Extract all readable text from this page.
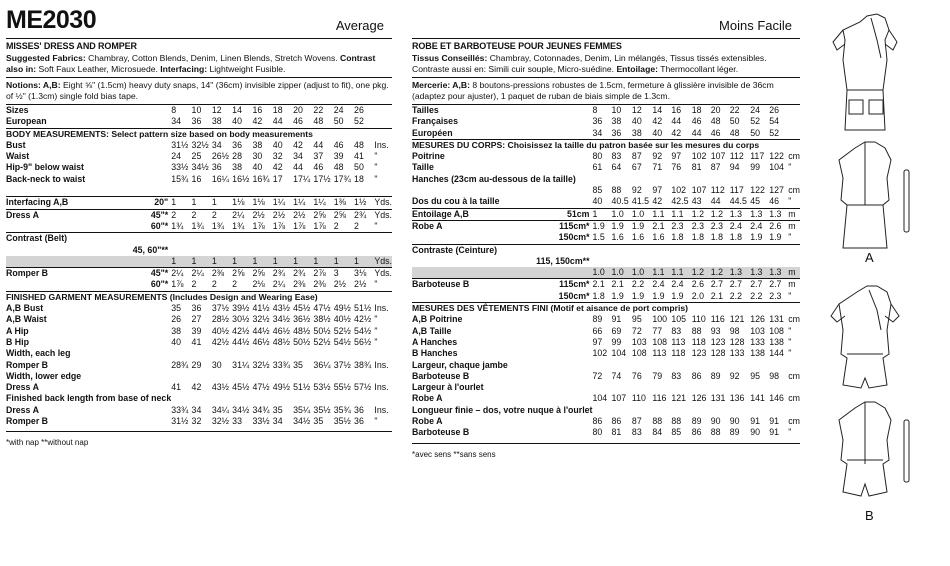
ME2030	Average
MISSES' DRESS AND ROMPER
Suggested Fabrics: Chambray, Cotton Blends, Denim, Linen Blends, Stretch Wovens. Contrast also in: Soft Faux Leather, Microsuede. Interfacing: Lightweight Fusible.
Notions: A,B: Eight ⅝" (1.5cm) heavy duty snaps, 14" (36cm) invisible zipper (adjust to fit), one pkg. of ½" (1.3cm) single fold bias tape.
Sizes		8	10	12	14	16	18	20	22	24	26	
European		34	36	38	40	42	44	46	48	50	52	
BODY MEASUREMENTS: Select pattern size based on body measurements												
Bust		31½	32½	34	36	38	40	42	44	46	48	Ins.
Waist		24	25	26½	28	30	32	34	37	39	41	"
Hip-9" below waist		33½	34½	36	38	40	42	44	46	48	50	"
Back-neck to waist		15¾	16	16¼	16½	16¾	17	17¼	17½	17¾	18	"

Interfacing A,B	20"	1	1	1	1⅛	1⅛	1¼	1¼	1¼	1⅜	1½	Yds.
Dress A	45"*	2	2	2	2¼	2½	2½	2½	2⅝	2⅝	2¾	Yds.
	60"*	1¾	1¾	1¾	1¾	1⅞	1⅞	1⅞	1⅞	2	2	"
Contrast (Belt)												
	45, 60"**											
		1	1	1	1	1	1	1	1	1	1	Yds.
Romper B	45"*	2¼	2¼	2⅜	2⅝	2⅝	2¾	2¾	2⅞	3	3⅛	Yds.
	60"*	1⅞	2	2	2	2⅛	2¼	2⅜	2⅜	2½	2½	"
FINISHED GARMENT MEASUREMENTS (Includes Design and Wearing Ease)												
A,B Bust		35	36	37½	39½	41½	43½	45½	47½	49½	51½	Ins.
A,B Waist		26	27	28½	30½	32½	34½	36½	38½	40½	42½	"
A Hip		38	39	40½	42½	44½	46½	48½	50½	52½	54½	"
B Hip		40	41	42½	44½	46½	48½	50½	52½	54½	56½	"
Width, each leg												
Romper B		28¾	29	30	31¼	32½	33¾	35	36¼	37½	38¾	Ins.
Width, lower edge												
Dress A		41	42	43½	45½	47½	49½	51½	53½	55½	57½	Ins.
Finished back length from base of neck												
Dress A		33¾	34	34¼	34½	34¾	35	35¼	35½	35¾	36	Ins.
Romper B		31½	32	32½	33	33½	34	34½	35	35½	36	"
*with nap **without nap
Moins Facile
ROBE ET BARBOTEUSE POUR JEUNES FEMMES
Tissus Conseillés: Chambray, Cotonnades, Denim, Lin mélangés, Tissus tissés extensibles. Contraste aussi en: Simili cuir souple, Micro-suédine. Entoilage: Thermocollant léger.
Mercerie: A,B: 8 boutons-pressions robustes de 1.5cm, fermeture à glissière invisible de 36cm (adaptez pour ajuster), 1 paquet de ruban de biais simple de 1.3cm.
Tailles		8	10	12	14	16	18	20	22	24	26	
Françaises		36	38	40	42	44	46	48	50	52	54	
Européen		34	36	38	40	42	44	46	48	50	52	
MESURES DU CORPS: Choisissez la taille du patron basée sur les mesures du corps												
Poitrine		80	83	87	92	97	102	107	112	117	122	cm
Taille		61	64	67	71	76	81	87	94	99	104	"
Hanches (23cm au-dessous de la taille)												
		85	88	92	97	102	107	112	117	122	127	cm
Dos du cou à la taille		40	40.5	41.5	42	42.5	43	44	44.5	45	46	"
Entoilage A,B	51cm	1	1.0	1.0	1.1	1.1	1.2	1.2	1.3	1.3	1.3	m
Robe A	115cm*	1.9	1.9	1.9	2.1	2.3	2.3	2.3	2.4	2.4	2.6	m
	150cm*	1.5	1.6	1.6	1.6	1.8	1.8	1.8	1.8	1.9	1.9	"
Contraste (Ceinture)												
	115, 150cm**											
		1.0	1.0	1.0	1.1	1.1	1.2	1.2	1.3	1.3	1.3	m
Barboteuse B	115cm*	2.1	2.1	2.2	2.4	2.4	2.6	2.7	2.7	2.7	2.7	m
	150cm*	1.8	1.9	1.9	1.9	1.9	2.0	2.1	2.2	2.2	2.3	"
MESURES DES VÊTEMENTS FINI (Motif et aisance de port compris)												
A,B Poitrine		89	91	95	100	105	110	116	121	126	131	cm
A,B Taille		66	69	72	77	83	88	93	98	103	108	"
A Hanches		97	99	103	108	113	118	123	128	133	138	"
B Hanches		102	104	108	113	118	123	128	133	138	144	"
Largeur, chaque jambe												
Barboteuse B		72	74	76	79	83	86	89	92	95	98	cm
Largeur à l'ourlet												
Robe A		104	107	110	116	121	126	131	136	141	146	cm
Longueur finie – dos, votre nuque à l'ourlet												
Robe A		86	86	87	88	88	89	90	90	91	91	cm
Barboteuse B		80	81	83	84	85	86	88	89	90	91	"
*avec sens **sans sens
A
B
